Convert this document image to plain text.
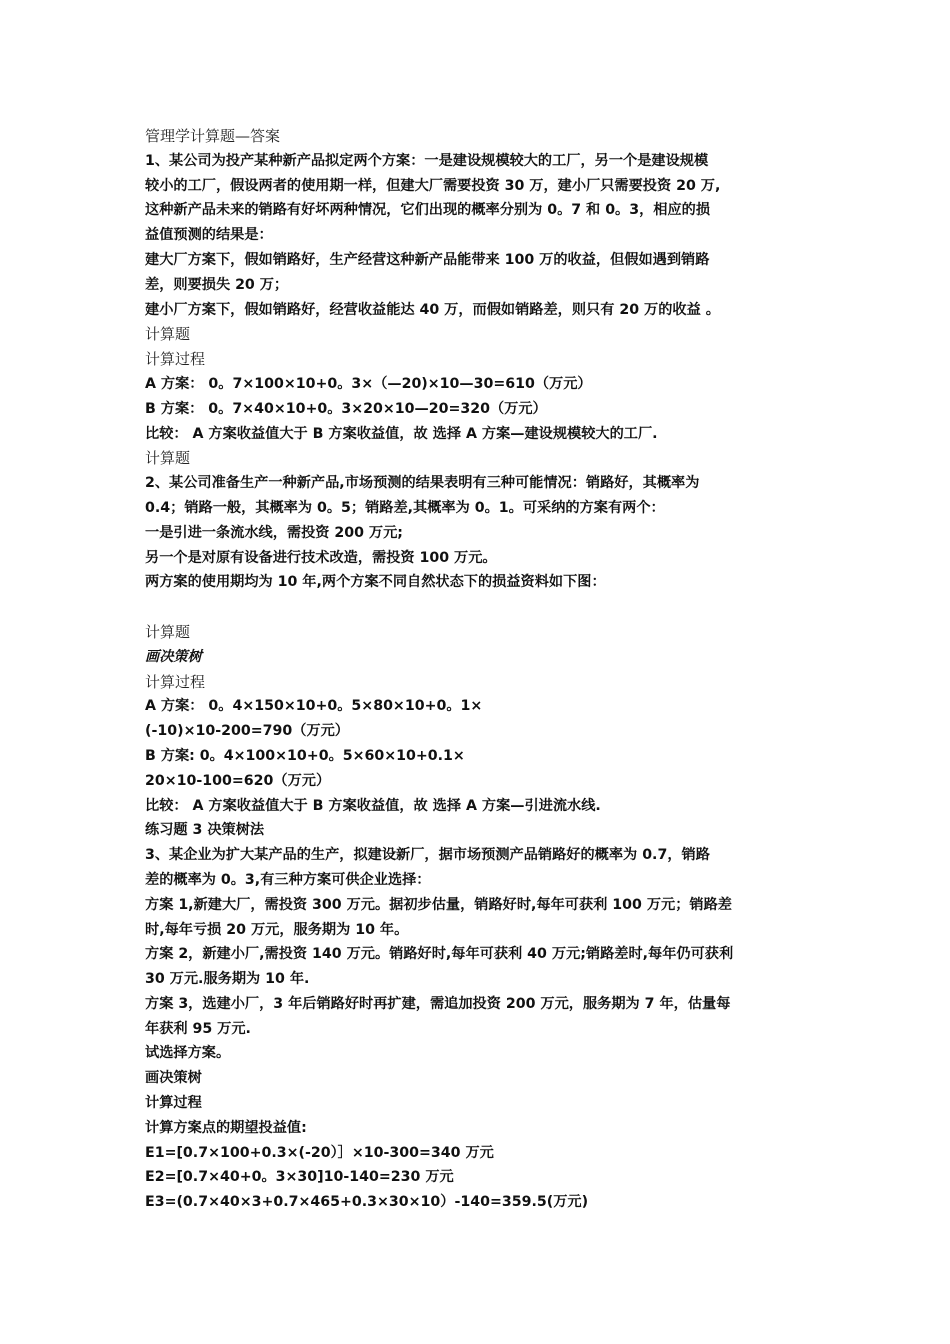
管理学计算题—答案

1、某公司为投产某种新产品拟定两个方案：一是建设规模较大的工厂，另一个是建设规模

较小的工厂，假设两者的使用期一样，但建大厂需要投资 30 万，建小厂只需要投资 20 万,

这种新产品未来的销路有好坏两种情况，它们出现的概率分别为 0。7 和 0。3，相应的损

益值预测的结果是：

建大厂方案下，假如销路好，生产经营这种新产品能带来 100 万的收益，但假如遇到销路

差，则要损失 20 万；

建小厂方案下，假如销路好，经营收益能达 40 万，而假如销路差，则只有 20 万的收益 。

计算题

计算过程

A 方案： 0。7×100×10+0。3×（—20)×10—30=610（万元）

B 方案： 0。7×40×10+0。3×20×10—20=320（万元）

比较： A 方案收益值大于 B 方案收益值，故 选择 A 方案—建设规模较大的工厂.

计算题

2、某公司准备生产一种新产品,市场预测的结果表明有三种可能情况：销路好，其概率为

0.4；销路一般，其概率为 0。5；销路差,其概率为 0。1。可采纳的方案有两个：

一是引进一条流水线，需投资 200 万元;

另一个是对原有设备进行技术改造，需投资 100 万元。

两方案的使用期均为 10 年,两个方案不同自然状态下的损益资料如下图：

计算题

画决策树

计算过程

A 方案： 0。4×150×10+0。5×80×10+0。1×

(-10)×10-200=790（万元）

B 方案: 0。4×100×10+0。5×60×10+0.1×

20×10-100=620（万元）

比较： A 方案收益值大于 B 方案收益值，故 选择 A 方案—引进流水线.

练习题 3 决策树法

3、某企业为扩大某产品的生产，拟建设新厂，据市场预测产品销路好的概率为 0.7，销路

差的概率为 0。3,有三种方案可供企业选择：

方案 1,新建大厂，需投资 300 万元。据初步估量，销路好时,每年可获利 100 万元；销路差

时,每年亏损 20 万元，服务期为 10 年。

方案 2，新建小厂,需投资 140 万元。销路好时,每年可获利 40 万元;销路差时,每年仍可获利

30 万元.服务期为 10 年.

方案 3，选建小厂，3 年后销路好时再扩建，需追加投资 200 万元，服务期为 7 年，估量每

年获利 95 万元.

试选择方案。

画决策树

计算过程

计算方案点的期望投益值:

E1=[0.7×100+0.3×(-20）］×10-300=340 万元

E2=[0.7×40+0。3×30]10-140=230 万元

E3=(0.7×40×3+0.7×465+0.3×30×10）-140=359.5(万元)
